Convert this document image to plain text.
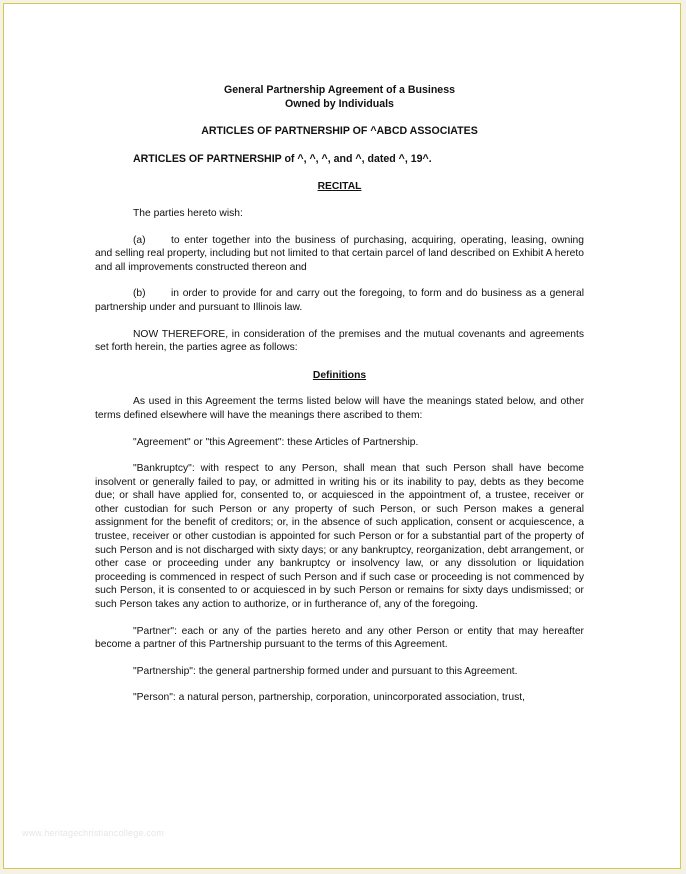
General Partnership Agreement of a Business

Owned by Individuals

ARTICLES OF PARTNERSHIP OF ^ABCD ASSOCIATES

ARTICLES OF PARTNERSHIP of ^, ^, ^, and ^, dated ^, 19^.

RECITAL

The parties hereto wish:

(a) to enter together into the business of purchasing, acquiring, operating, leasing, owning and selling real property, including but not limited to that certain parcel of land described on Exhibit A hereto and all improvements constructed thereon and

(b) in order to provide for and carry out the foregoing, to form and do business as a general partnership under and pursuant to Illinois law.

NOW THEREFORE, in consideration of the premises and the mutual covenants and agreements set forth herein, the parties agree as follows:

Definitions

As used in this Agreement the terms listed below will have the meanings stated below, and other terms defined elsewhere will have the meanings there ascribed to them:

"Agreement" or "this Agreement": these Articles of Partnership.

"Bankruptcy": with respect to any Person, shall mean that such Person shall have become insolvent or generally failed to pay, or admitted in writing his or its inability to pay, debts as they become due; or shall have applied for, consented to, or acquiesced in the appointment of, a trustee, receiver or other custodian for such Person or any property of such Person, or such Person makes a general assignment for the benefit of creditors; or, in the absence of such application, consent or acquiescence, a trustee, receiver or other custodian is appointed for such Person or for a substantial part of the property of such Person and is not discharged with sixty days; or any bankruptcy, reorganization, debt arrangement, or other case or proceeding under any bankruptcy or insolvency law, or any dissolution or liquidation proceeding is commenced in respect of such Person and if such case or proceeding is not commenced by such Person, it is consented to or acquiesced in by such Person or remains for sixty days undismissed; or such Person takes any action to authorize, or in furtherance of, any of the foregoing.

"Partner": each or any of the parties hereto and any other Person or entity that may hereafter become a partner of this Partnership pursuant to the terms of this Agreement.

"Partnership": the general partnership formed under and pursuant to this Agreement.

"Person": a natural person, partnership, corporation, unincorporated association, trust,

www.heritagechristiancollege.com
